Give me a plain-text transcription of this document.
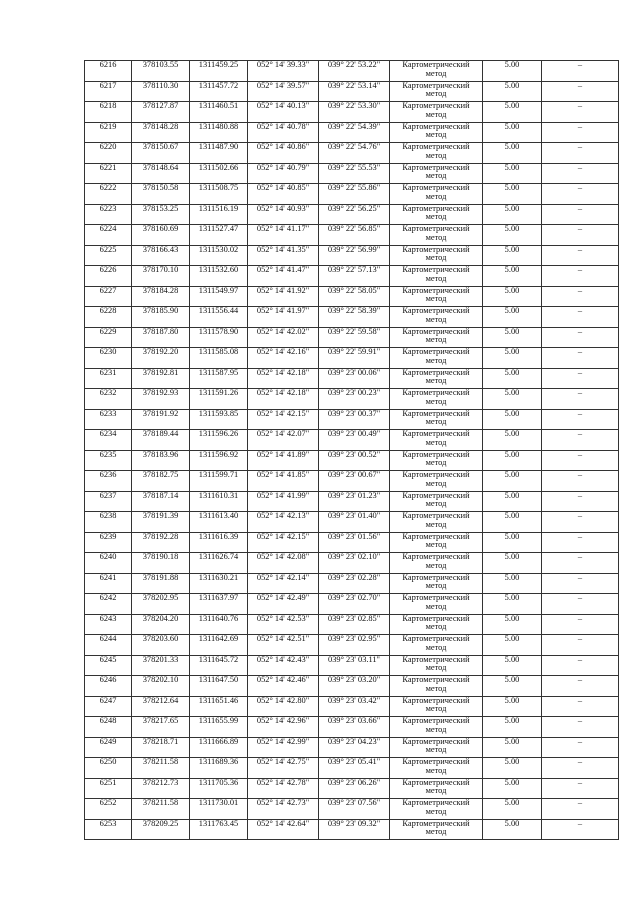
6216	378103.55	1311459.25	052° 14' 39.33"	039° 22' 53.22"	Картометрический
метод	5.00	–
6217	378110.30	1311457.72	052° 14' 39.57"	039° 22' 53.14"	Картометрический
метод	5.00	–
6218	378127.87	1311460.51	052° 14' 40.13"	039° 22' 53.30"	Картометрический
метод	5.00	–
6219	378148.28	1311480.88	052° 14' 40.78"	039° 22' 54.39"	Картометрический
метод	5.00	–
6220	378150.67	1311487.90	052° 14' 40.86"	039° 22' 54.76"	Картометрический
метод	5.00	–
6221	378148.64	1311502.66	052° 14' 40.79"	039° 22' 55.53"	Картометрический
метод	5.00	–
6222	378150.58	1311508.75	052° 14' 40.85"	039° 22' 55.86"	Картометрический
метод	5.00	–
6223	378153.25	1311516.19	052° 14' 40.93"	039° 22' 56.25"	Картометрический
метод	5.00	–
6224	378160.69	1311527.47	052° 14' 41.17"	039° 22' 56.85"	Картометрический
метод	5.00	–
6225	378166.43	1311530.02	052° 14' 41.35"	039° 22' 56.99"	Картометрический
метод	5.00	–
6226	378170.10	1311532.60	052° 14' 41.47"	039° 22' 57.13"	Картометрический
метод	5.00	–
6227	378184.28	1311549.97	052° 14' 41.92"	039° 22' 58.05"	Картометрический
метод	5.00	–
6228	378185.90	1311556.44	052° 14' 41.97"	039° 22' 58.39"	Картометрический
метод	5.00	–
6229	378187.80	1311578.90	052° 14' 42.02"	039° 22' 59.58"	Картометрический
метод	5.00	–
6230	378192.20	1311585.08	052° 14' 42.16"	039° 22' 59.91"	Картометрический
метод	5.00	–
6231	378192.81	1311587.95	052° 14' 42.18"	039° 23' 00.06"	Картометрический
метод	5.00	–
6232	378192.93	1311591.26	052° 14' 42.18"	039° 23' 00.23"	Картометрический
метод	5.00	–
6233	378191.92	1311593.85	052° 14' 42.15"	039° 23' 00.37"	Картометрический
метод	5.00	–
6234	378189.44	1311596.26	052° 14' 42.07"	039° 23' 00.49"	Картометрический
метод	5.00	–
6235	378183.96	1311596.92	052° 14' 41.89"	039° 23' 00.52"	Картометрический
метод	5.00	–
6236	378182.75	1311599.71	052° 14' 41.85"	039° 23' 00.67"	Картометрический
метод	5.00	–
6237	378187.14	1311610.31	052° 14' 41.99"	039° 23' 01.23"	Картометрический
метод	5.00	–
6238	378191.39	1311613.40	052° 14' 42.13"	039° 23' 01.40"	Картометрический
метод	5.00	–
6239	378192.28	1311616.39	052° 14' 42.15"	039° 23' 01.56"	Картометрический
метод	5.00	–
6240	378190.18	1311626.74	052° 14' 42.08"	039° 23' 02.10"	Картометрический
метод	5.00	–
6241	378191.88	1311630.21	052° 14' 42.14"	039° 23' 02.28"	Картометрический
метод	5.00	–
6242	378202.95	1311637.97	052° 14' 42.49"	039° 23' 02.70"	Картометрический
метод	5.00	–
6243	378204.20	1311640.76	052° 14' 42.53"	039° 23' 02.85"	Картометрический
метод	5.00	–
6244	378203.60	1311642.69	052° 14' 42.51"	039° 23' 02.95"	Картометрический
метод	5.00	–
6245	378201.33	1311645.72	052° 14' 42.43"	039° 23' 03.11"	Картометрический
метод	5.00	–
6246	378202.10	1311647.50	052° 14' 42.46"	039° 23' 03.20"	Картометрический
метод	5.00	–
6247	378212.64	1311651.46	052° 14' 42.80"	039° 23' 03.42"	Картометрический
метод	5.00	–
6248	378217.65	1311655.99	052° 14' 42.96"	039° 23' 03.66"	Картометрический
метод	5.00	–
6249	378218.71	1311666.89	052° 14' 42.99"	039° 23' 04.23"	Картометрический
метод	5.00	–
6250	378211.58	1311689.36	052° 14' 42.75"	039° 23' 05.41"	Картометрический
метод	5.00	–
6251	378212.73	1311705.36	052° 14' 42.78"	039° 23' 06.26"	Картометрический
метод	5.00	–
6252	378211.58	1311730.01	052° 14' 42.73"	039° 23' 07.56"	Картометрический
метод	5.00	–
6253	378209.25	1311763.45	052° 14' 42.64"	039° 23' 09.32"	Картометрический
метод	5.00	–
